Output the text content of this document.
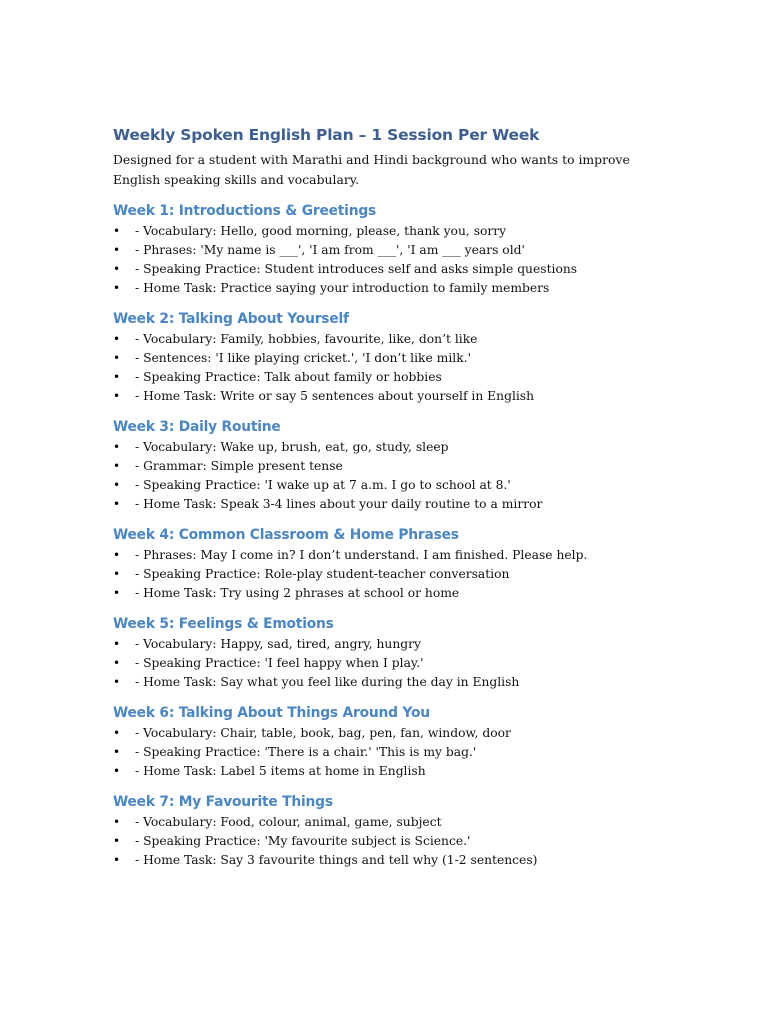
Weekly Spoken English Plan – 1 Session Per Week

Designed for a student with Marathi and Hindi background who wants to improve English speaking skills and vocabulary.

Week 1: Introductions & Greetings
• - Vocabulary: Hello, good morning, please, thank you, sorry
• - Phrases: 'My name is ___', 'I am from ___', 'I am ___ years old'
• - Speaking Practice: Student introduces self and asks simple questions
• - Home Task: Practice saying your introduction to family members
Week 2: Talking About Yourself
• - Vocabulary: Family, hobbies, favourite, like, don’t like
• - Sentences: 'I like playing cricket.', 'I don’t like milk.'
• - Speaking Practice: Talk about family or hobbies
• - Home Task: Write or say 5 sentences about yourself in English
Week 3: Daily Routine
• - Vocabulary: Wake up, brush, eat, go, study, sleep
• - Grammar: Simple present tense
• - Speaking Practice: 'I wake up at 7 a.m. I go to school at 8.'
• - Home Task: Speak 3-4 lines about your daily routine to a mirror
Week 4: Common Classroom & Home Phrases
• - Phrases: May I come in? I don’t understand. I am finished. Please help.
• - Speaking Practice: Role-play student-teacher conversation
• - Home Task: Try using 2 phrases at school or home
Week 5: Feelings & Emotions
• - Vocabulary: Happy, sad, tired, angry, hungry
• - Speaking Practice: 'I feel happy when I play.'
• - Home Task: Say what you feel like during the day in English
Week 6: Talking About Things Around You
• - Vocabulary: Chair, table, book, bag, pen, fan, window, door
• - Speaking Practice: 'There is a chair.' 'This is my bag.'
• - Home Task: Label 5 items at home in English
Week 7: My Favourite Things
• - Vocabulary: Food, colour, animal, game, subject
• - Speaking Practice: 'My favourite subject is Science.'
• - Home Task: Say 3 favourite things and tell why (1-2 sentences)
